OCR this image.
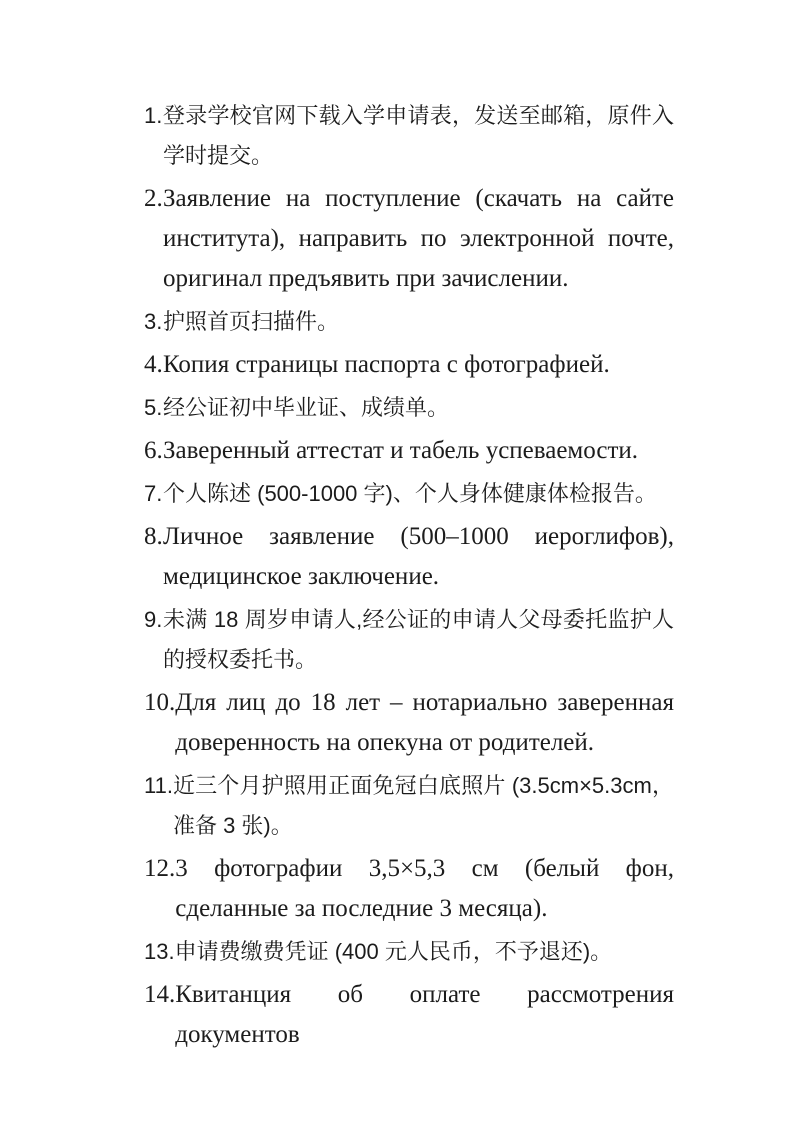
1. 登录学校官网下载入学申请表，发送至邮箱，原件入学时提交。
2. Заявление на поступление (скачать на сайте института), направить по электронной почте, оригинал предъявить при зачислении.
3. 护照首页扫描件。
4. Копия страницы паспорта с фотографией.
5. 经公证初中毕业证、成绩单。
6. Заверенный аттестат и табель успеваемости.
7. 个人陈述 (500-1000 字)、个人身体健康体检报告。
8. Личное заявление (500–1000 иероглифов), медицинское заключение.
9. 未满 18 周岁申请人,经公证的申请人父母委托监护人的授权委托书。
10. Для лиц до 18 лет – нотариально заверенная доверенность на опекуна от родителей.
11. 近三个月护照用正面免冠白底照片 (3.5cm×5.3cm，准备 3 张)。
12. 3 фотографии 3,5×5,3 см (белый фон, сделанные за последние 3 месяца).
13. 申请费缴费凭证 (400 元人民币，不予退还)。
14. Квитанция об оплате рассмотрения документов
